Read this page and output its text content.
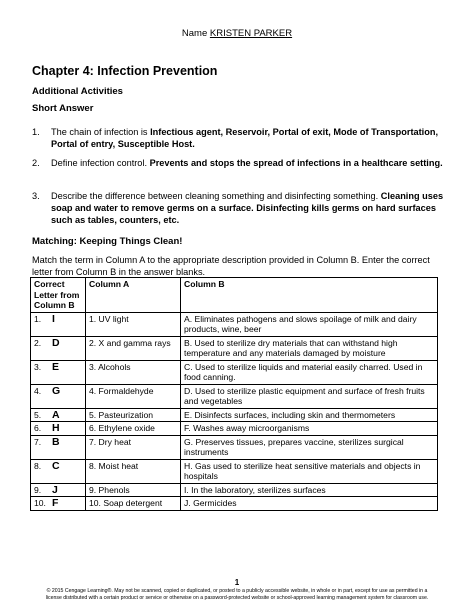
Name KRISTEN PARKER
Chapter 4: Infection Prevention
Additional Activities
Short Answer
1. The chain of infection is Infectious agent, Reservoir, Portal of exit, Mode of Transportation, Portal of entry, Susceptible Host.
2. Define infection control. Prevents and stops the spread of infections in a healthcare setting.
3. Describe the difference between cleaning something and disinfecting something. Cleaning uses soap and water to remove germs on a surface. Disinfecting kills germs on hard surfaces such as tables, counters, etc.
Matching: Keeping Things Clean!
Match the term in Column A to the appropriate description provided in Column B. Enter the correct letter from Column B in the answer blanks.
Correct Letter from Column B	Column A	Column B
1. I	1. UV light	A. Eliminates pathogens and slows spoilage of milk and dairy products, wine, beer
2. D	2. X and gamma rays	B. Used to sterilize dry materials that can withstand high temperature and any materials damaged by moisture
3. E	3. Alcohols	C. Used to sterilize liquids and material easily charred. Used in food canning.
4. G	4. Formaldehyde	D. Used to sterilize plastic equipment and surface of fresh fruits and vegetables
5. A	5. Pasteurization	E. Disinfects surfaces, including skin and thermometers
6. H	6. Ethylene oxide	F. Washes away microorganisms
7. B	7. Dry heat	G. Preserves tissues, prepares vaccine, sterilizes surgical instruments
8. C	8. Moist heat	H. Gas used to sterilize heat sensitive materials and objects in hospitals
9. J	9. Phenols	I. In the laboratory, sterilizes surfaces
10. F	10. Soap detergent	J. Germicides
1
© 2015 Cengage Learning®. May not be scanned, copied or duplicated, or posted to a publicly accessible website, in whole or in part, except for use as permitted in a license distributed with a certain product or service or otherwise on a password-protected website or school-approved learning management system for classroom use.
